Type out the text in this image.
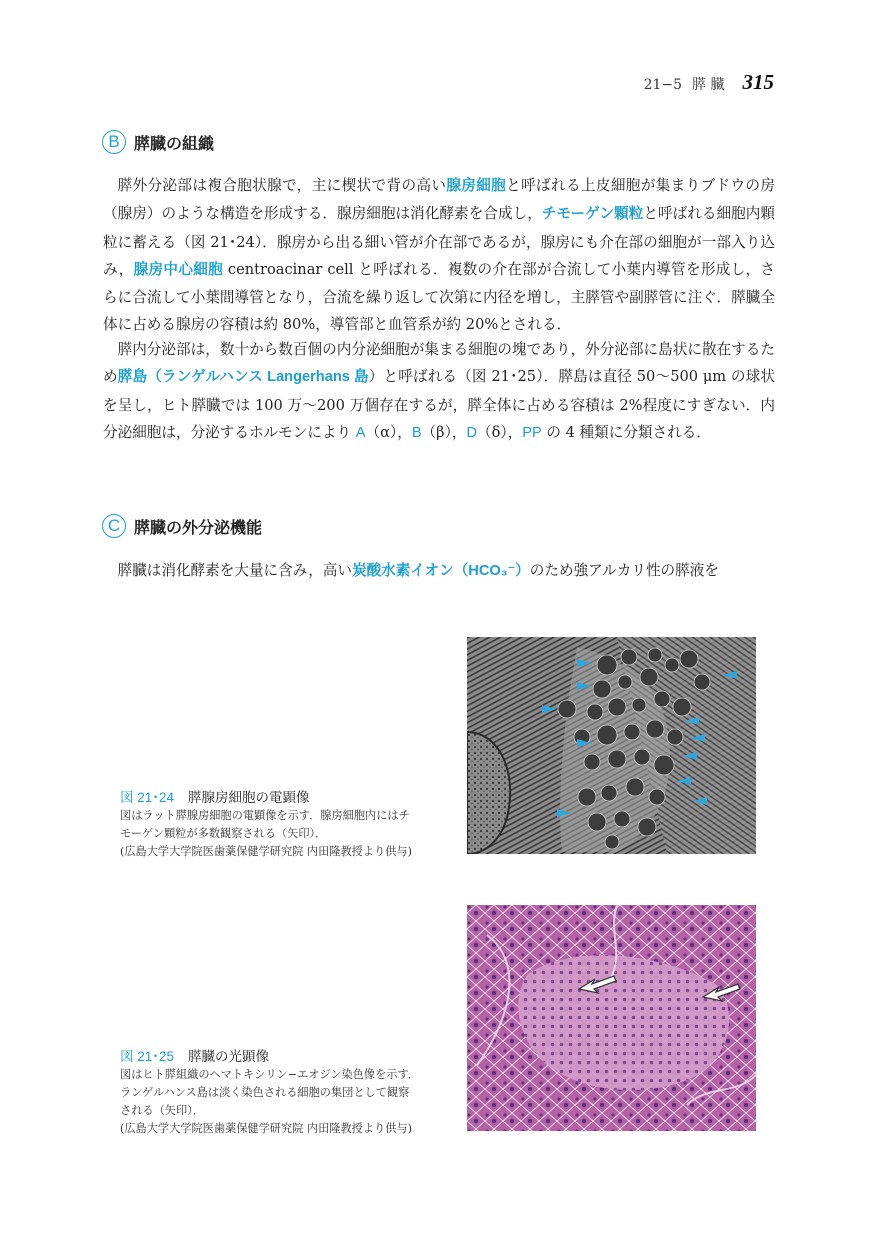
21−5 膵 臓 315
B 膵臓の組織

膵外分泌部は複合胞状腺で，主に楔状で背の高い腺房細胞と呼ばれる上皮細胞が集まりブドウの房（腺房）のような構造を形成する．腺房細胞は消化酵素を合成し，チモーゲン顆粒と呼ばれる細胞内顆粒に蓄える（図 21･24）．腺房から出る細い管が介在部であるが，腺房にも介在部の細胞が一部入り込み，腺房中心細胞 centroacinar cell と呼ばれる．複数の介在部が合流して小葉内導管を形成し，さらに合流して小葉間導管となり，合流を繰り返して次第に内径を増し，主膵管や副膵管に注ぐ．膵臓全体に占める腺房の容積は約 80%，導管部と血管系が約 20%とされる．

膵内分泌部は，数十から数百個の内分泌細胞が集まる細胞の塊であり，外分泌部に島状に散在するため膵島（ランゲルハンス Langerhans 島）と呼ばれる（図 21･25）．膵島は直径 50～500 μm の球状を呈し，ヒト膵臓では 100 万～200 万個存在するが，膵全体に占める容積は 2%程度にすぎない．内分泌細胞は，分泌するホルモンにより A（α），B（β），D（δ），PP の 4 種類に分類される．

C 膵臓の外分泌機能

膵臓は消化酵素を大量に含み，高い炭酸水素イオン（HCO₃⁻）のため強アルカリ性の膵液を

図 21･24 膵腺房細胞の電顕像

図はラット膵腺房細胞の電顕像を示す．腺房細胞内にはチ
モーゲン顆粒が多数観察される（矢印）．
(広島大学大学院医歯薬保健学研究院 内田隆教授より供与)

図 21･25 膵臓の光顕像

図はヒト膵組織のヘマトキシリン−エオジン染色像を示す．
ランゲルハンス島は淡く染色される細胞の集団として観察
される（矢印）．
(広島大学大学院医歯薬保健学研究院 内田隆教授より供与)
